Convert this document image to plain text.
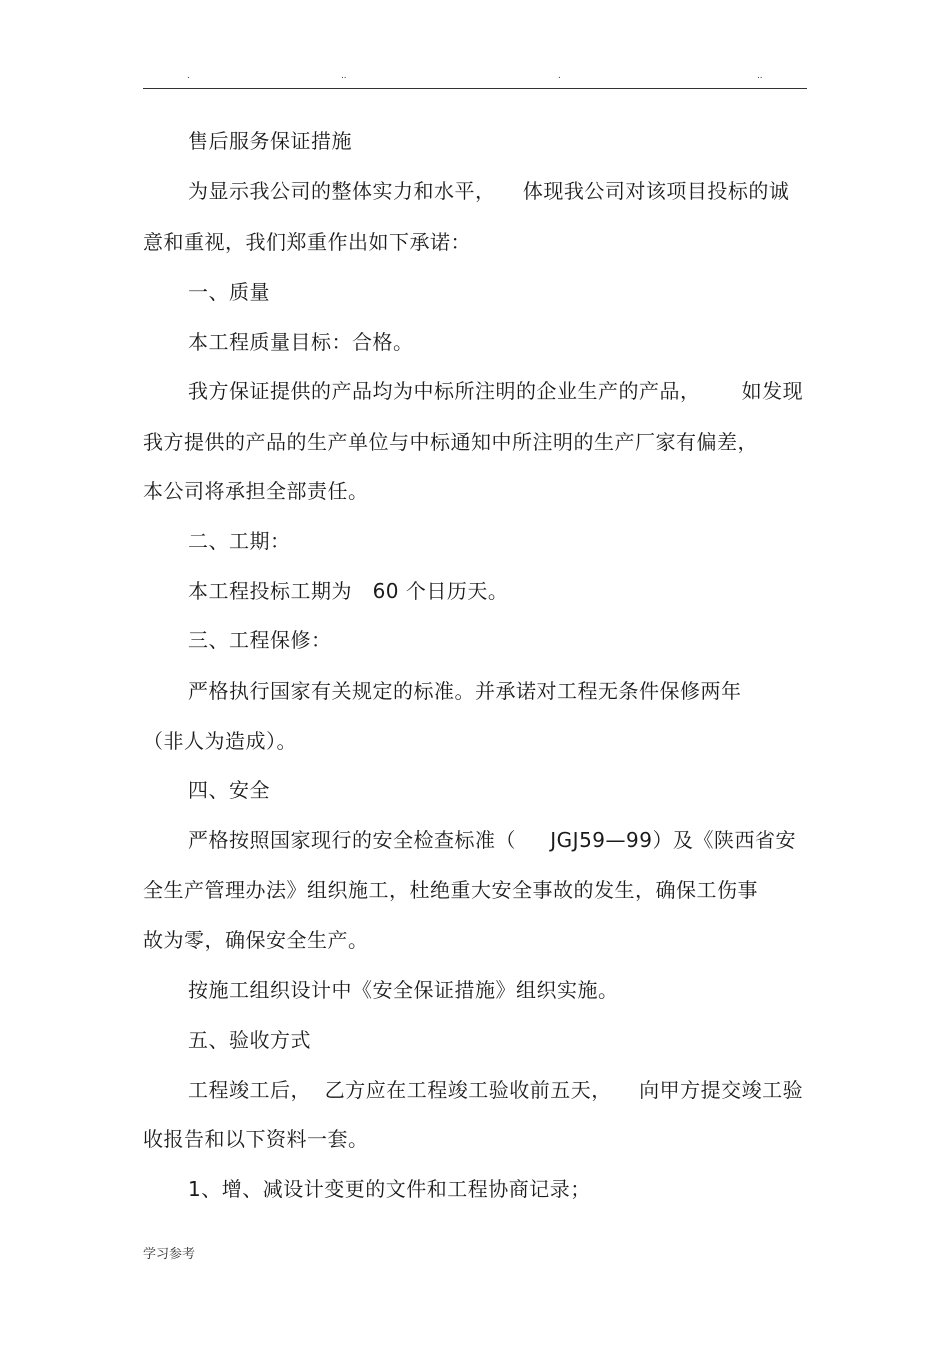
.	..	.	..
售后服务保证措施
为显示我公司的整体实力和水平，    体现我公司对该项目投标的诚
意和重视，我们郑重作出如下承诺：
一、质量
本工程质量目标：合格。
我方保证提供的产品均为中标所注明的企业生产的产品，      如发现
我方提供的产品的生产单位与中标通知中所注明的生产厂家有偏差，
本公司将承担全部责任。
二、工期：
本工程投标工期为   60 个日历天。
三、工程保修：
严格执行国家有关规定的标准。并承诺对工程无条件保修两年
（非人为造成）。
四、安全
严格按照国家现行的安全检查标准（     JGJ59—99）及《陕西省安
全生产管理办法》组织施工，杜绝重大安全事故的发生，确保工伤事
故为零，确保安全生产。
按施工组织设计中《安全保证措施》组织实施。
五、验收方式
工程竣工后，  乙方应在工程竣工验收前五天，    向甲方提交竣工验
收报告和以下资料一套。
1、增、减设计变更的文件和工程协商记录；
学习参考
